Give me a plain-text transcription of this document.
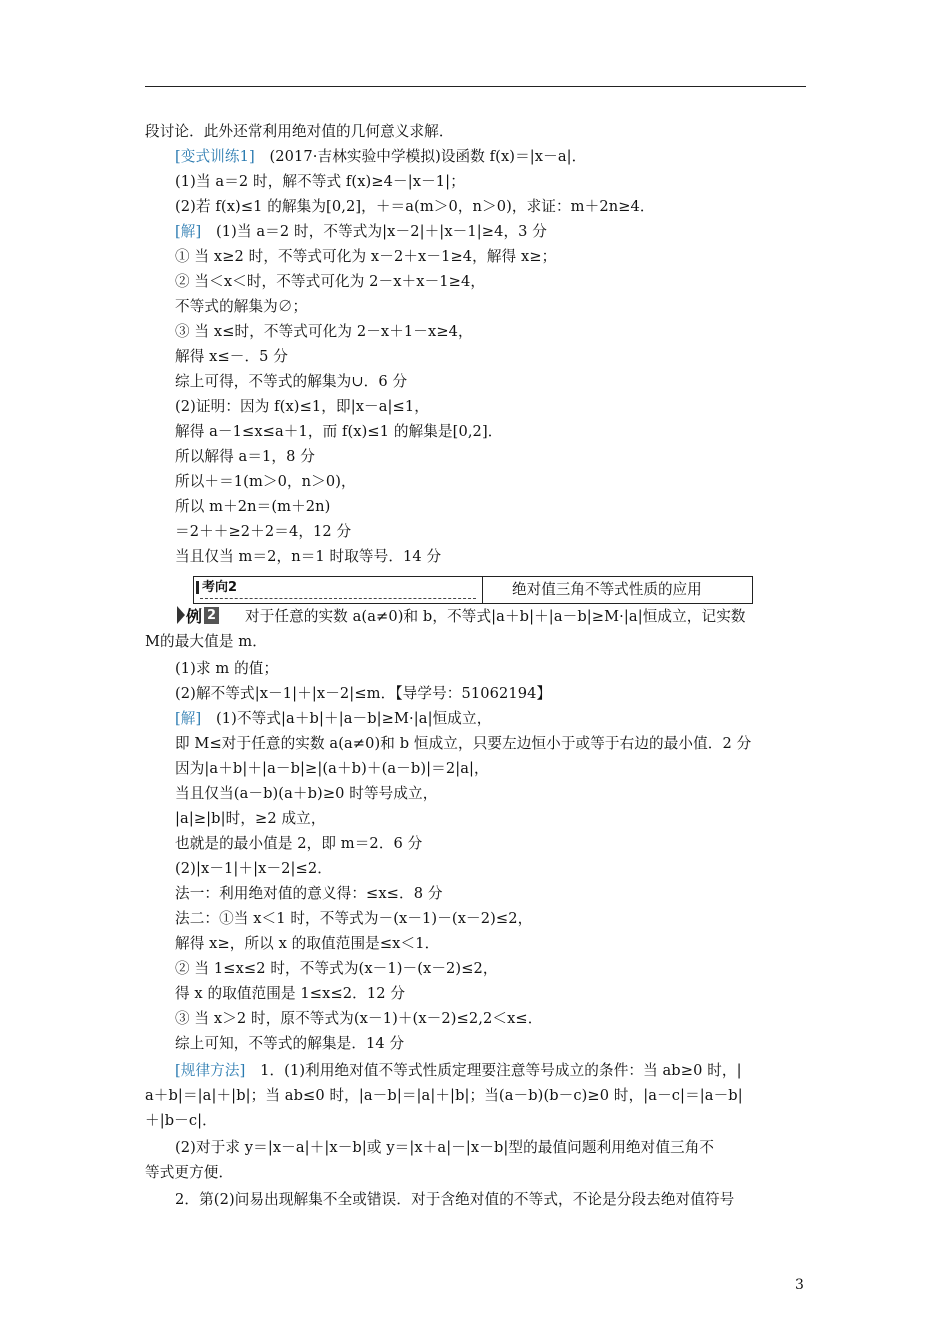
段讨论．此外还常利用绝对值的几何意义求解．
[变式训练1]　(2017·吉林实验中学模拟)设函数 f(x)＝|x－a|．
(1)当 a＝2 时，解不等式 f(x)≥4－|x－1|；
(2)若 f(x)≤1 的解集为[0,2]，＋＝a(m＞0，n＞0)，求证：m＋2n≥4．
[解]　(1)当 a＝2 时，不等式为|x－2|＋|x－1|≥4，3 分
① 当 x≥2 时，不等式可化为 x－2＋x－1≥4，解得 x≥；
② 当＜x＜时，不等式可化为 2－x＋x－1≥4，
不等式的解集为∅；
③ 当 x≤时，不等式可化为 2－x＋1－x≥4，
解得 x≤－．5 分
综上可得，不等式的解集为∪．6 分
(2)证明：因为 f(x)≤1，即|x－a|≤1，
解得 a－1≤x≤a＋1，而 f(x)≤1 的解集是[0,2]．
所以解得 a＝1，8 分
所以＋＝1(m＞0，n＞0)，
所以 m＋2n＝(m＋2n)
＝2＋＋≥2＋2＝4，12 分
当且仅当 m＝2，n＝1 时取等号．14 分
对于任意的实数 a(a≠0)和 b，不等式|a＋b|＋|a－b|≥M·|a|恒成立，记实数
M的最大值是 m．
(1)求 m 的值；
(2)解不等式|x－1|＋|x－2|≤m．【导学号：51062194】
[解]　(1)不等式|a＋b|＋|a－b|≥M·|a|恒成立，
即 M≤对于任意的实数 a(a≠0)和 b 恒成立，只要左边恒小于或等于右边的最小值．2 分
因为|a＋b|＋|a－b|≥|(a＋b)＋(a－b)|＝2|a|，
当且仅当(a－b)(a＋b)≥0 时等号成立，
|a|≥|b|时，≥2 成立，
也就是的最小值是 2，即 m＝2．6 分
(2)|x－1|＋|x－2|≤2．
法一：利用绝对值的意义得：≤x≤．8 分
法二：①当 x＜1 时，不等式为－(x－1)－(x－2)≤2，
解得 x≥，所以 x 的取值范围是≤x＜1．
② 当 1≤x≤2 时，不等式为(x－1)－(x－2)≤2，
得 x 的取值范围是 1≤x≤2．12 分
③ 当 x＞2 时，原不等式为(x－1)＋(x－2)≤2,2＜x≤．
综上可知，不等式的解集是．14 分
[规律方法]　1．(1)利用绝对值不等式性质定理要注意等号成立的条件：当 ab≥0 时，|
a＋b|＝|a|＋|b|；当 ab≤0 时，|a－b|＝|a|＋|b|；当(a－b)(b－c)≥0 时，|a－c|＝|a－b|
＋|b－c|．
(2)对于求 y＝|x－a|＋|x－b|或 y＝|x＋a|－|x－b|型的最值问题利用绝对值三角不
等式更方便．
2．第(2)问易出现解集不全或错误．对于含绝对值的不等式，不论是分段去绝对值符号
考向2	绝对值三角不等式性质的应用
例 2
3
